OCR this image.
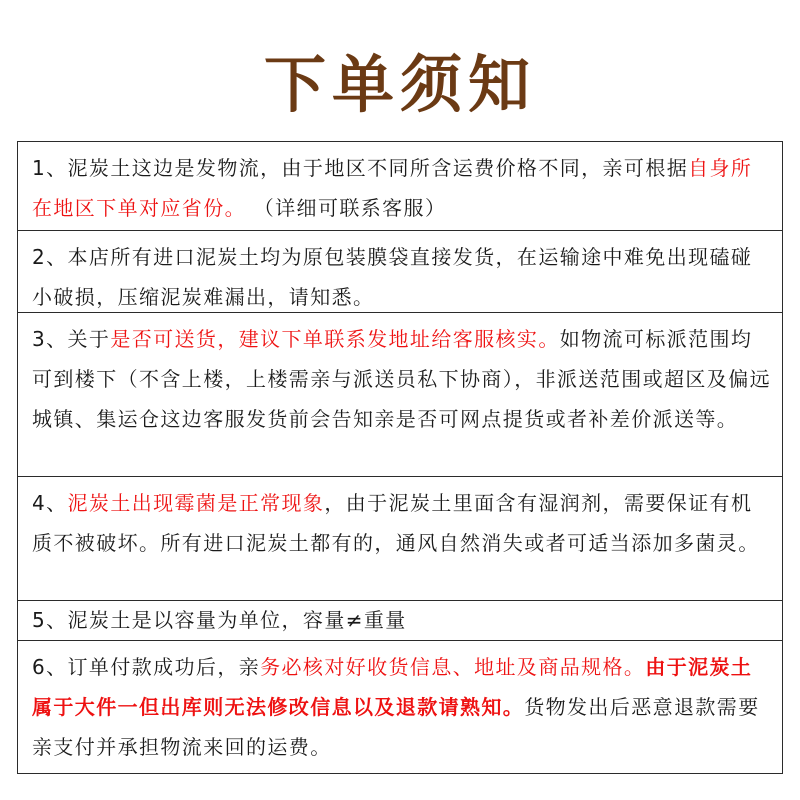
下单须知
1、泥炭土这边是发物流，由于地区不同所含运费价格不同，亲可根据自身所在地区下单对应省份。 （详细可联系客服）
2、本店所有进口泥炭土均为原包装膜袋直接发货，在运输途中难免出现磕碰小破损，压缩泥炭难漏出，请知悉。
3、关于是否可送货，建议下单联系发地址给客服核实。如物流可标派范围均可到楼下（不含上楼，上楼需亲与派送员私下协商），非派送范围或超区及偏远城镇、集运仓这边客服发货前会告知亲是否可网点提货或者补差价派送等。
4、泥炭土出现霉菌是正常现象，由于泥炭土里面含有湿润剂，需要保证有机质不被破坏。所有进口泥炭土都有的，通风自然消失或者可适当添加多菌灵。
5、泥炭土是以容量为单位，容量≠重量
6、订单付款成功后，亲务必核对好收货信息、地址及商品规格。由于泥炭土属于大件一但出库则无法修改信息以及退款请熟知。货物发出后恶意退款需要亲支付并承担物流来回的运费。
